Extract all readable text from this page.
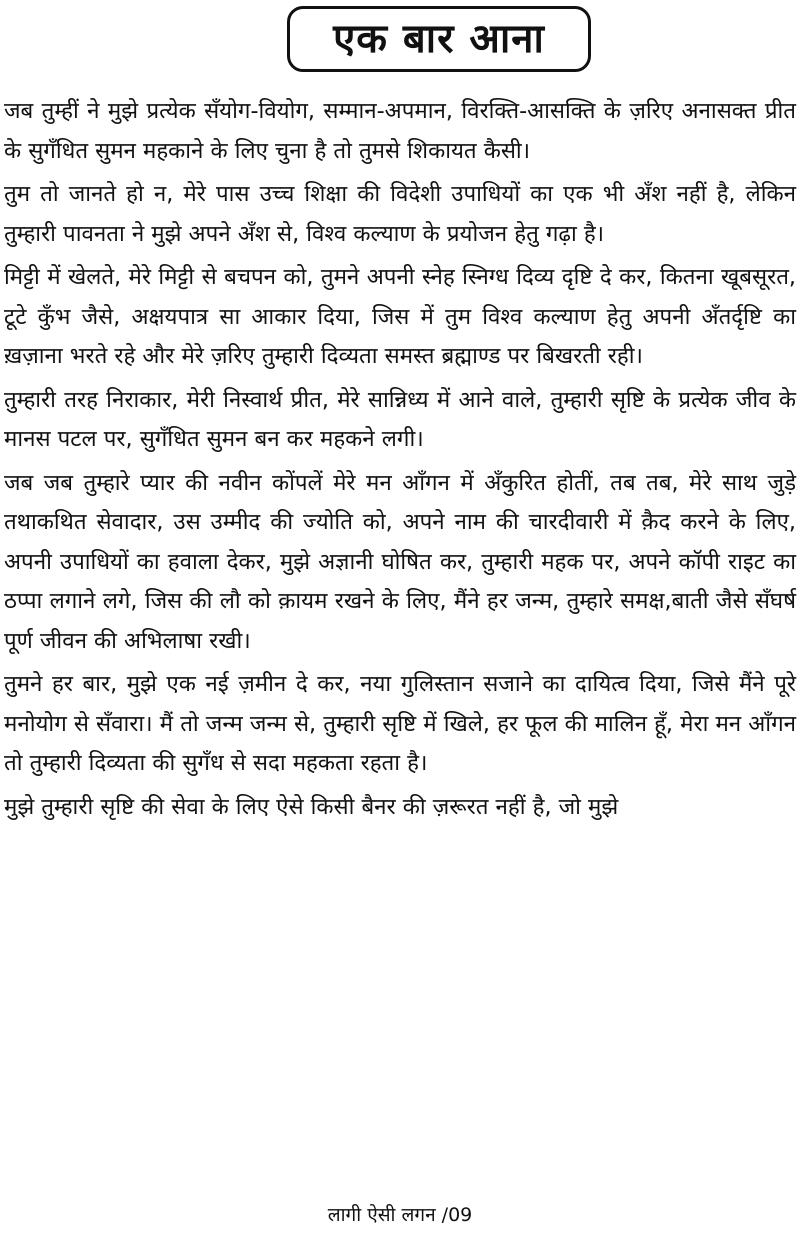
एक बार आना

जब तुम्हीं ने मुझे प्रत्येक सँयोग-वियोग, सम्मान-अपमान, विरक्ति-आसक्ति के ज़रिए अनासक्त प्रीत के सुगँधित सुमन महकाने के लिए चुना है तो तुमसे शिकायत कैसी।

तुम तो जानते हो न, मेरे पास उच्च शिक्षा की विदेशी उपाधियों का एक भी अँश नहीं है, लेकिन तुम्हारी पावनता ने मुझे अपने अँश से, विश्व कल्याण के प्रयोजन हेतु गढ़ा है।

मिट्टी में खेलते, मेरे मिट्टी से बचपन को, तुमने अपनी स्नेह स्निग्ध दिव्य दृष्टि दे कर, कितना खूबसूरत, टूटे कुँभ जैसे, अक्षयपात्र सा आकार दिया, जिस में तुम विश्व कल्याण हेतु अपनी अँतर्दृष्टि का ख़ज़ाना भरते रहे और मेरे ज़रिए तुम्हारी दिव्यता समस्त ब्रह्माण्ड पर बिखरती रही।

तुम्हारी तरह निराकार, मेरी निस्वार्थ प्रीत, मेरे सान्निध्य में आने वाले, तुम्हारी सृष्टि के प्रत्येक जीव के मानस पटल पर, सुगँधित सुमन बन कर महकने लगी।

जब जब तुम्हारे प्यार की नवीन कोंपलें मेरे मन आँगन में अँकुरित होतीं, तब तब, मेरे साथ जुड़े तथाकथित सेवादार, उस उम्मीद की ज्योति को, अपने नाम की चारदीवारी में क़ैद करने के लिए, अपनी उपाधियों का हवाला देकर, मुझे अज्ञानी घोषित कर, तुम्हारी महक पर, अपने कॉपी राइट का ठप्पा लगाने लगे, जिस की लौ को क़ायम रखने के लिए, मैंने हर जन्म, तुम्हारे समक्ष,बाती जैसे सँघर्ष पूर्ण जीवन की अभिलाषा रखी।

तुमने हर बार, मुझे एक नई ज़मीन दे कर, नया गुलिस्तान सजाने का दायित्व दिया, जिसे मैंने पूरे मनोयोग से सँवारा। मैं तो जन्म जन्म से, तुम्हारी सृष्टि में खिले, हर फूल की मालिन हूँ, मेरा मन आँगन तो तुम्हारी दिव्यता की सुगँध से सदा महकता रहता है।

मुझे तुम्हारी सृष्टि की सेवा के लिए ऐसे किसी बैनर की ज़रूरत नहीं है, जो मुझे

लागी ऐसी लगन /09
